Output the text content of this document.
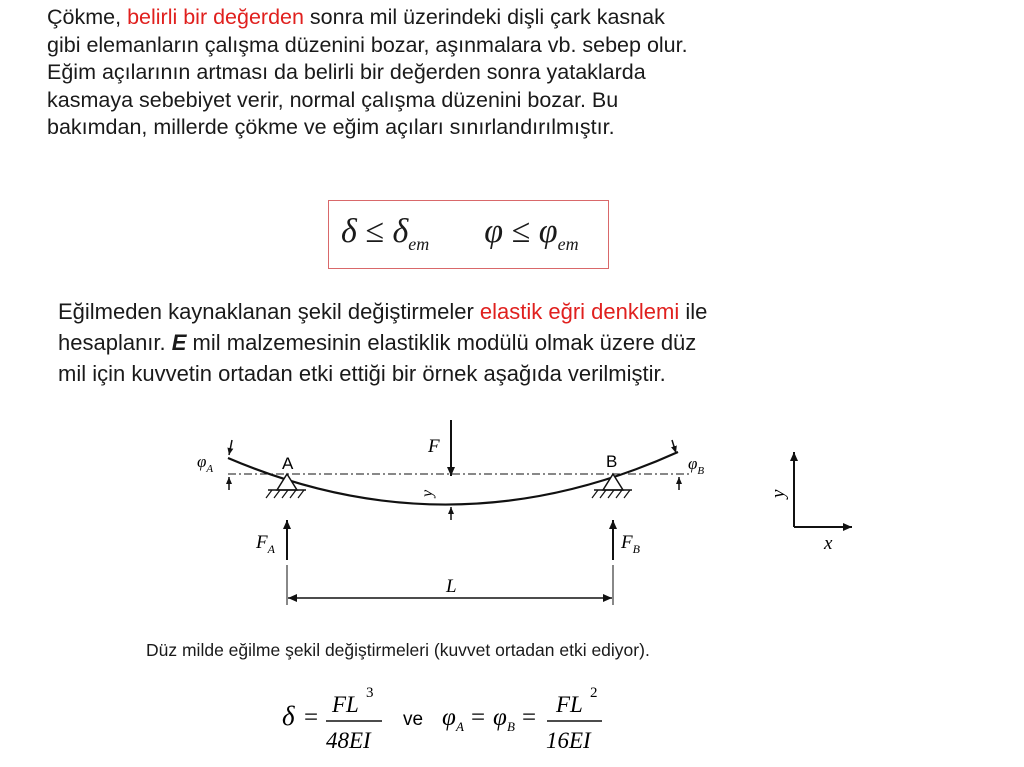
Çökme, belirli bir değerden sonra mil üzerindeki dişli çark kasnak
gibi elemanların çalışma düzenini bozar, aşınmalara vb. sebep olur.
Eğim açılarının artması da belirli bir değerden sonra yataklarda
kasmaya sebebiyet verir, normal çalışma düzenini bozar. Bu
bakımdan, millerde çökme ve eğim açıları sınırlandırılmıştır.
$\delta \le \delta_{em}$ $\varphi \le \varphi_{em}$
Eğilmeden kaynaklanan şekil değiştirmeler elastik eğri denklemi ile
hesaplanır. E mil malzemesinin elastiklik modülü olmak üzere düz
mil için kuvvetin ortadan etki ettiği bir örnek aşağıda verilmiştir.
F
y
A	B
$F_A$	$F_B$
$\varphi_A$	$\varphi_B$
L
x
y
Düz milde eğilme şekil değiştirmeleri (kuvvet ortadan etki ediyor).
δ = FL 3
48EI
ve φ A = φ B = FL 2
16EI
